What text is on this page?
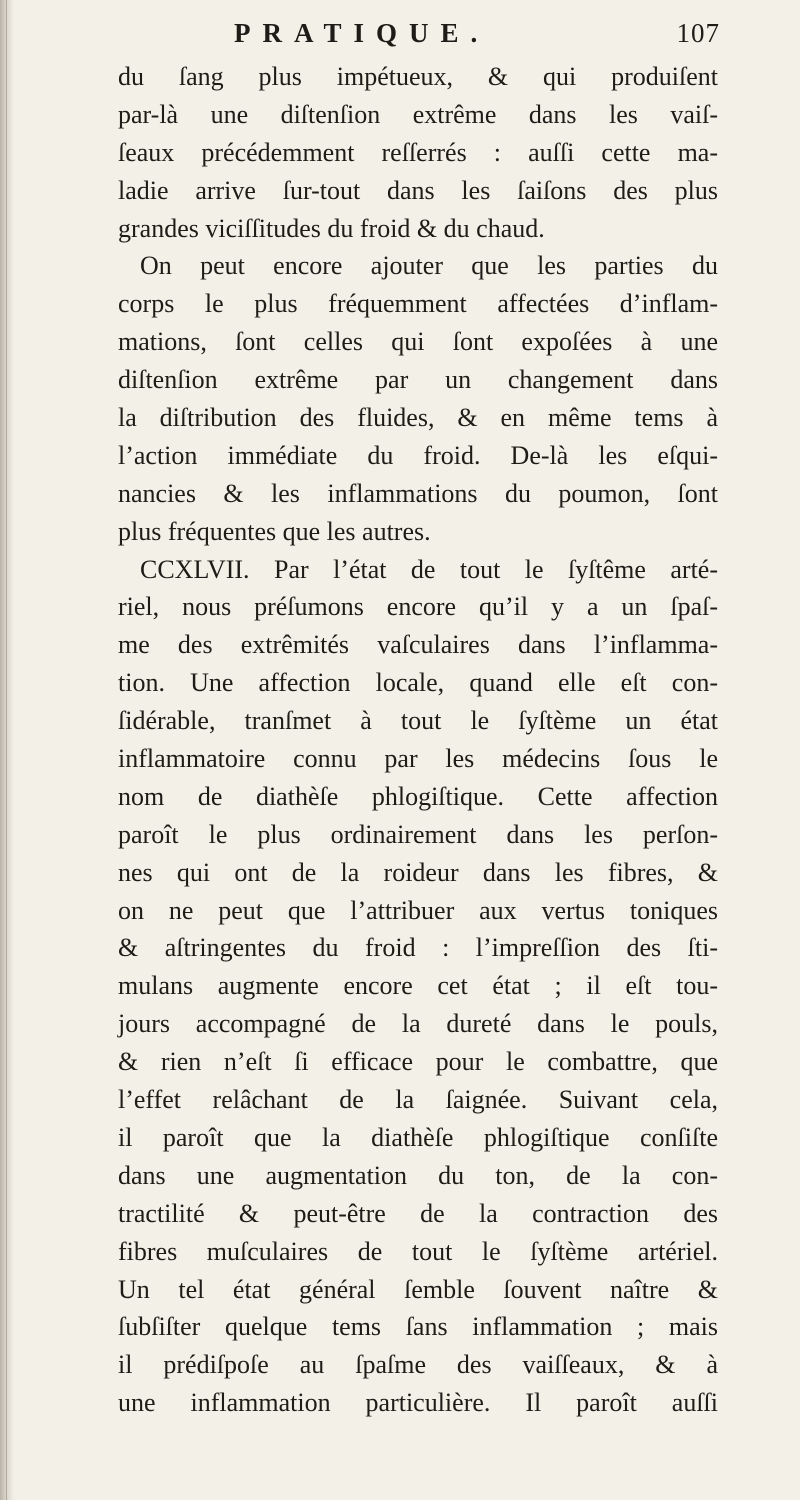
PRATIQUE.	107
du ſang plus impétueux, & qui produiſent
par-là une diſtenſion extrême dans les vaiſ-
ſeaux précédemment reſſerrés : auſſi cette ma-
ladie arrive ſur-tout dans les ſaiſons des plus
grandes viciſſitudes du froid & du chaud.
On peut encore ajouter que les parties du
corps le plus fréquemment affectées d’inflam-
mations, ſont celles qui ſont expoſées à une
diſtenſion extrême par un changement dans
la diſtribution des fluides, & en même tems à
l’action immédiate du froid. De-là les eſqui-
nancies & les inflammations du poumon, ſont
plus fréquentes que les autres.
CCXLVII. Par l’état de tout le ſyſtême arté-
riel, nous préſumons encore qu’il y a un ſpaſ-
me des extrêmités vaſculaires dans l’inflamma-
tion. Une affection locale, quand elle eſt con-
ſidérable, tranſmet à tout le ſyſtème un état
inflammatoire connu par les médecins ſous le
nom de diathèſe phlogiſtique. Cette affection
paroît le plus ordinairement dans les perſon-
nes qui ont de la roideur dans les fibres, &
on ne peut que l’attribuer aux vertus toniques
& aſtringentes du froid : l’impreſſion des ſti-
mulans augmente encore cet état ; il eſt tou-
jours accompagné de la dureté dans le pouls,
& rien n’eſt ſi efficace pour le combattre, que
l’effet relâchant de la ſaignée. Suivant cela,
il paroît que la diathèſe phlogiſtique conſiſte
dans une augmentation du ton, de la con-
tractilité & peut-être de la contraction des
fibres muſculaires de tout le ſyſtème artériel.
Un tel état général ſemble ſouvent naître &
ſubſiſter quelque tems ſans inflammation ; mais
il prédiſpoſe au ſpaſme des vaiſſeaux, & à
une inflammation particulière. Il paroît auſſi
